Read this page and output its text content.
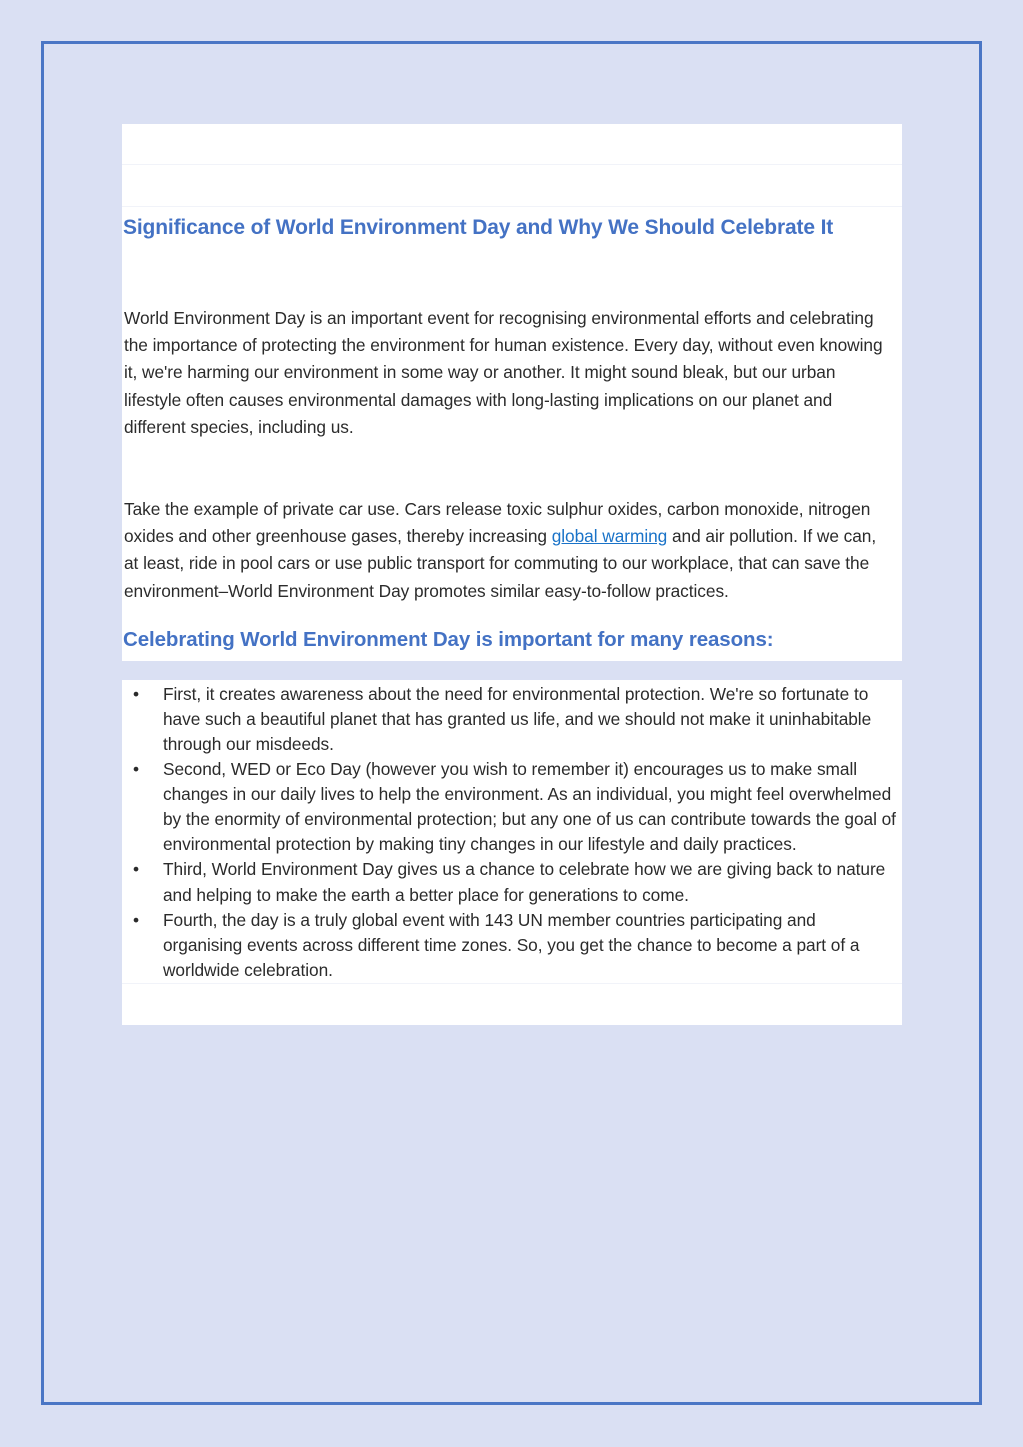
Significance of World Environment Day and Why We Should Celebrate It

World Environment Day is an important event for recognising environmental efforts and celebrating the importance of protecting the environment for human existence. Every day, without even knowing it, we're harming our environment in some way or another. It might sound bleak, but our urban lifestyle often causes environmental damages with long-lasting implications on our planet and different species, including us.

Take the example of private car use. Cars release toxic sulphur oxides, carbon monoxide, nitrogen oxides and other greenhouse gases, thereby increasing global warming and air pollution. If we can, at least, ride in pool cars or use public transport for commuting to our workplace, that can save the environment–World Environment Day promotes similar easy-to-follow practices.

Celebrating World Environment Day is important for many reasons:
• First, it creates awareness about the need for environmental protection. We're so fortunate to have such a beautiful planet that has granted us life, and we should not make it uninhabitable through our misdeeds.
• Second, WED or Eco Day (however you wish to remember it) encourages us to make small changes in our daily lives to help the environment. As an individual, you might feel overwhelmed by the enormity of environmental protection; but any one of us can contribute towards the goal of environmental protection by making tiny changes in our lifestyle and daily practices.
• Third, World Environment Day gives us a chance to celebrate how we are giving back to nature and helping to make the earth a better place for generations to come.
• Fourth, the day is a truly global event with 143 UN member countries participating and organising events across different time zones. So, you get the chance to become a part of a worldwide celebration.
